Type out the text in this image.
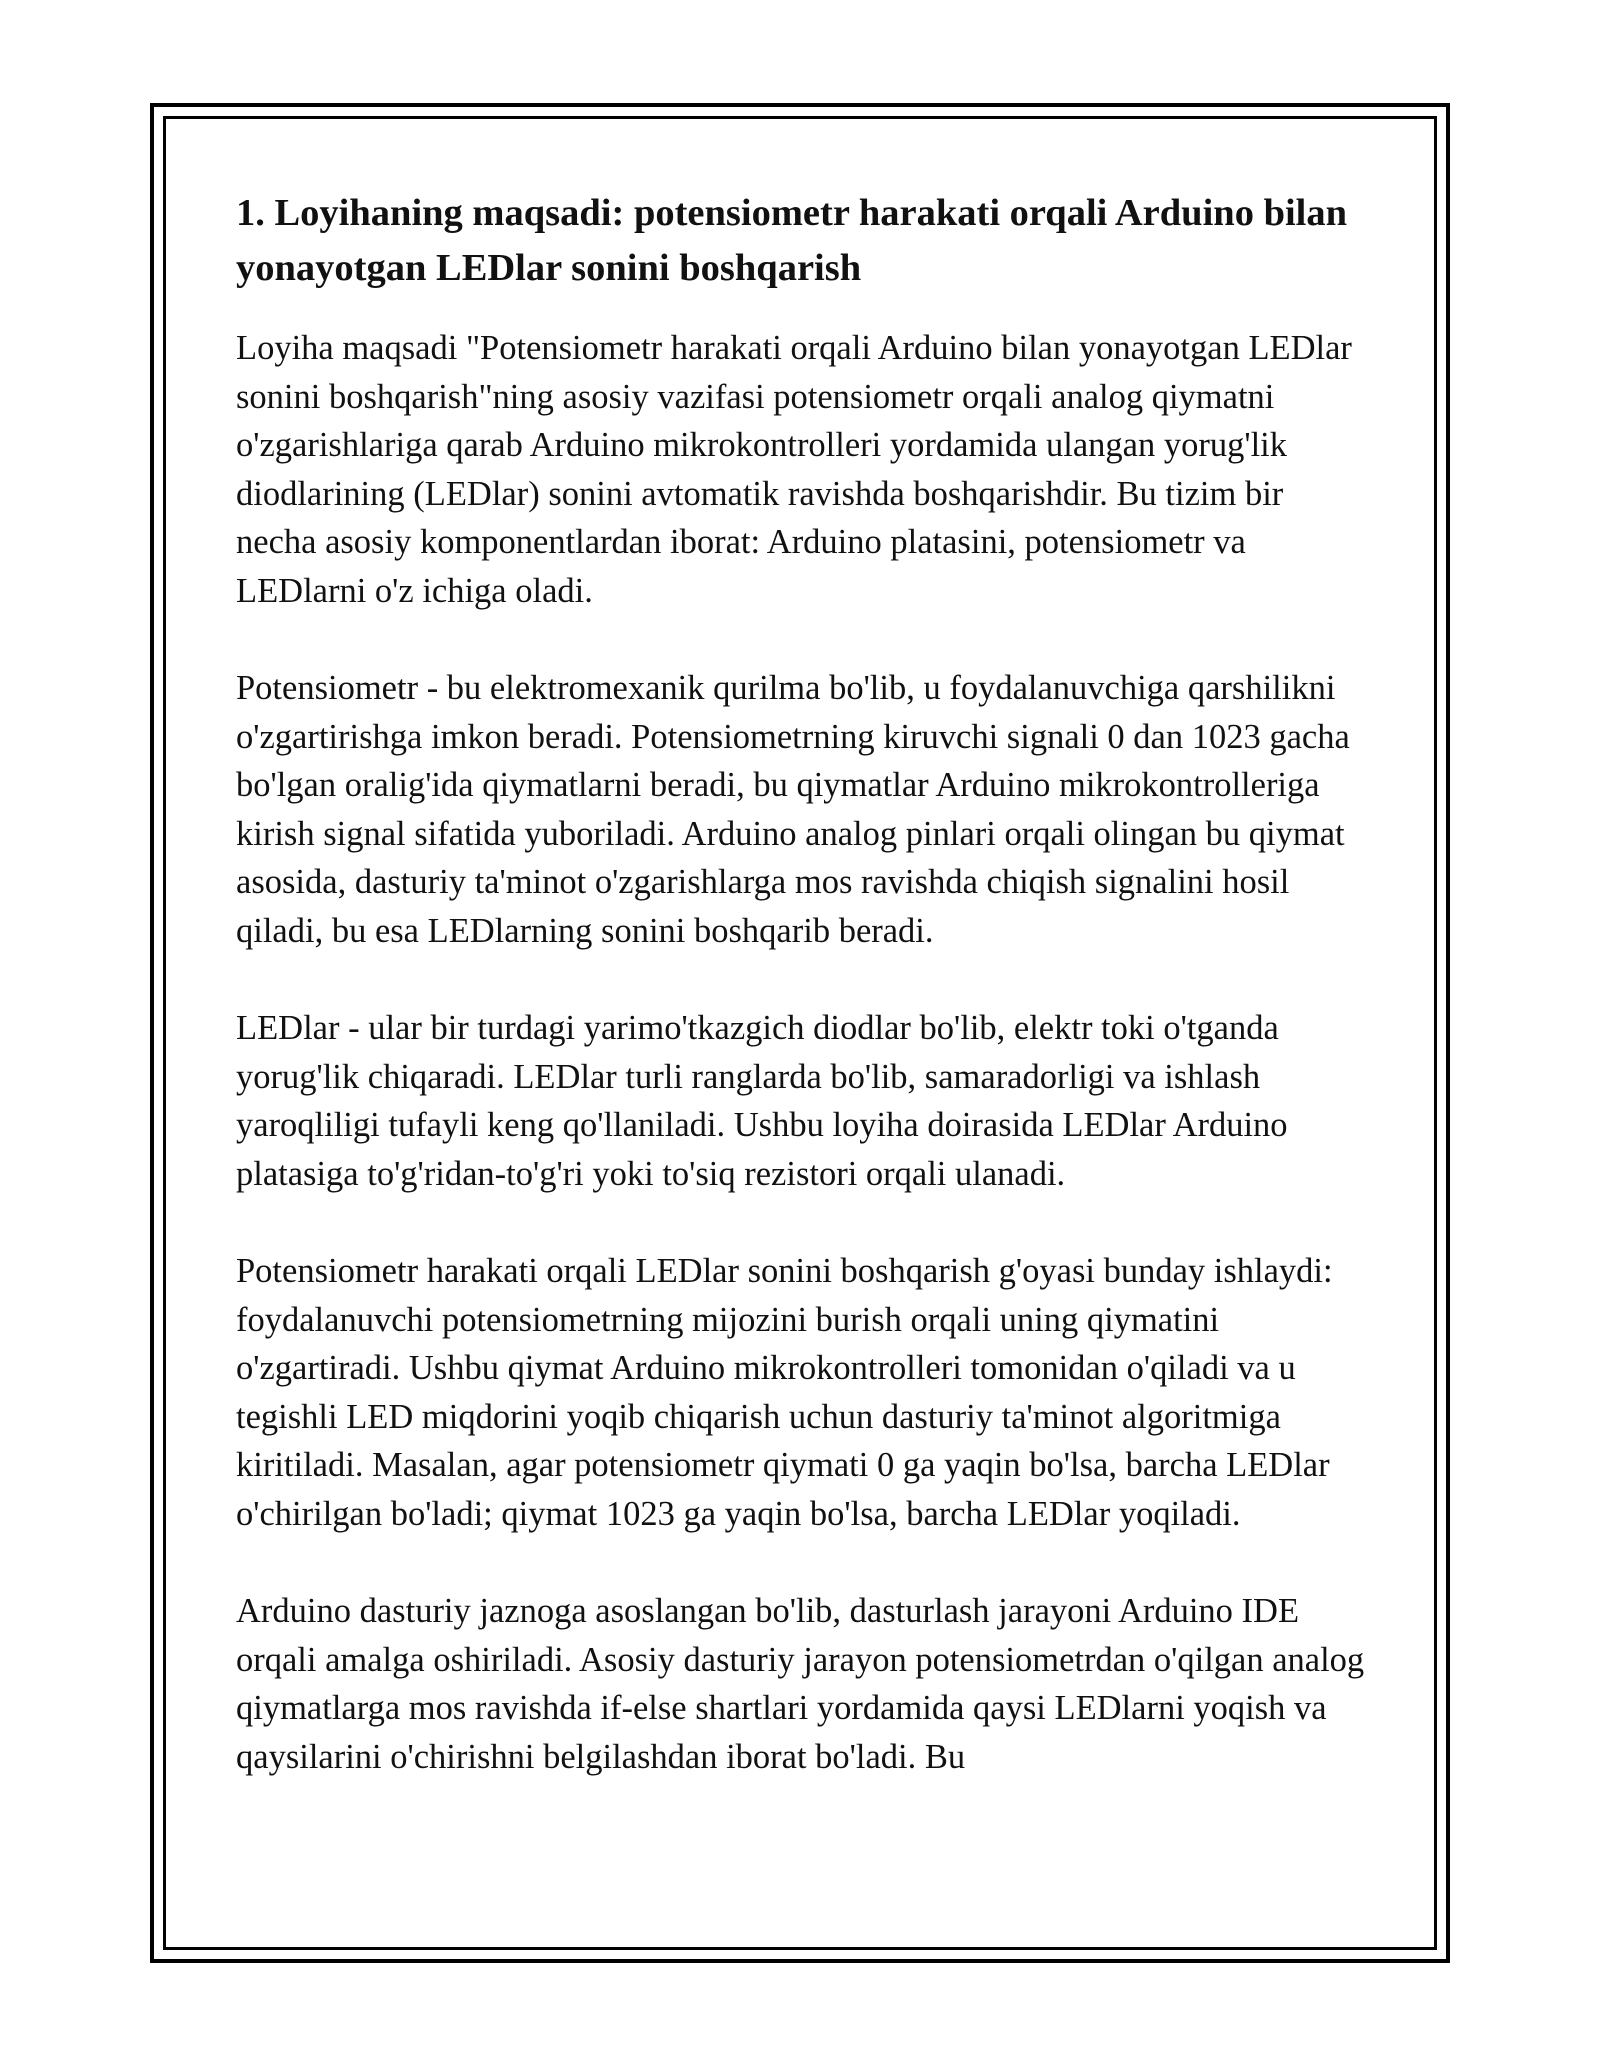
1. Loyihaning maqsadi: potensiometr harakati orqali Arduino bilan yonayotgan LEDlar sonini boshqarish

Loyiha maqsadi "Potensiometr harakati orqali Arduino bilan yonayotgan LEDlar sonini boshqarish"ning asosiy vazifasi potensiometr orqali analog qiymatni o'zgarishlariga qarab Arduino mikrokontrolleri yordamida ulangan yorug'lik diodlarining (LEDlar) sonini avtomatik ravishda boshqarishdir. Bu tizim bir necha asosiy komponentlardan iborat: Arduino platasini, potensiometr va LEDlarni o'z ichiga oladi.

Potensiometr - bu elektromexanik qurilma bo'lib, u foydalanuvchiga qarshilikni o'zgartirishga imkon beradi. Potensiometrning kiruvchi signali 0 dan 1023 gacha bo'lgan oralig'ida qiymatlarni beradi, bu qiymatlar Arduino mikrokontrolleriga kirish signal sifatida yuboriladi. Arduino analog pinlari orqali olingan bu qiymat asosida, dasturiy ta'minot o'zgarishlarga mos ravishda chiqish signalini hosil qiladi, bu esa LEDlarning sonini boshqarib beradi.

LEDlar - ular bir turdagi yarimo'tkazgich diodlar bo'lib, elektr toki o'tganda yorug'lik chiqaradi. LEDlar turli ranglarda bo'lib, samaradorligi va ishlash yaroqliligi tufayli keng qo'llaniladi. Ushbu loyiha doirasida LEDlar Arduino platasiga to'g'ridan-to'g'ri yoki to'siq rezistori orqali ulanadi.

Potensiometr harakati orqali LEDlar sonini boshqarish g'oyasi bunday ishlaydi: foydalanuvchi potensiometrning mijozini burish orqali uning qiymatini o'zgartiradi. Ushbu qiymat Arduino mikrokontrolleri tomonidan o'qiladi va u tegishli LED miqdorini yoqib chiqarish uchun dasturiy ta'minot algoritmiga kiritiladi. Masalan, agar potensiometr qiymati 0 ga yaqin bo'lsa, barcha LEDlar o'chirilgan bo'ladi; qiymat 1023 ga yaqin bo'lsa, barcha LEDlar yoqiladi.

Arduino dasturiy jaznoga asoslangan bo'lib, dasturlash jarayoni Arduino IDE orqali amalga oshiriladi. Asosiy dasturiy jarayon potensiometrdan o'qilgan analog qiymatlarga mos ravishda if-else shartlari yordamida qaysi LEDlarni yoqish va qaysilarini o'chirishni belgilashdan iborat bo'ladi. Bu
